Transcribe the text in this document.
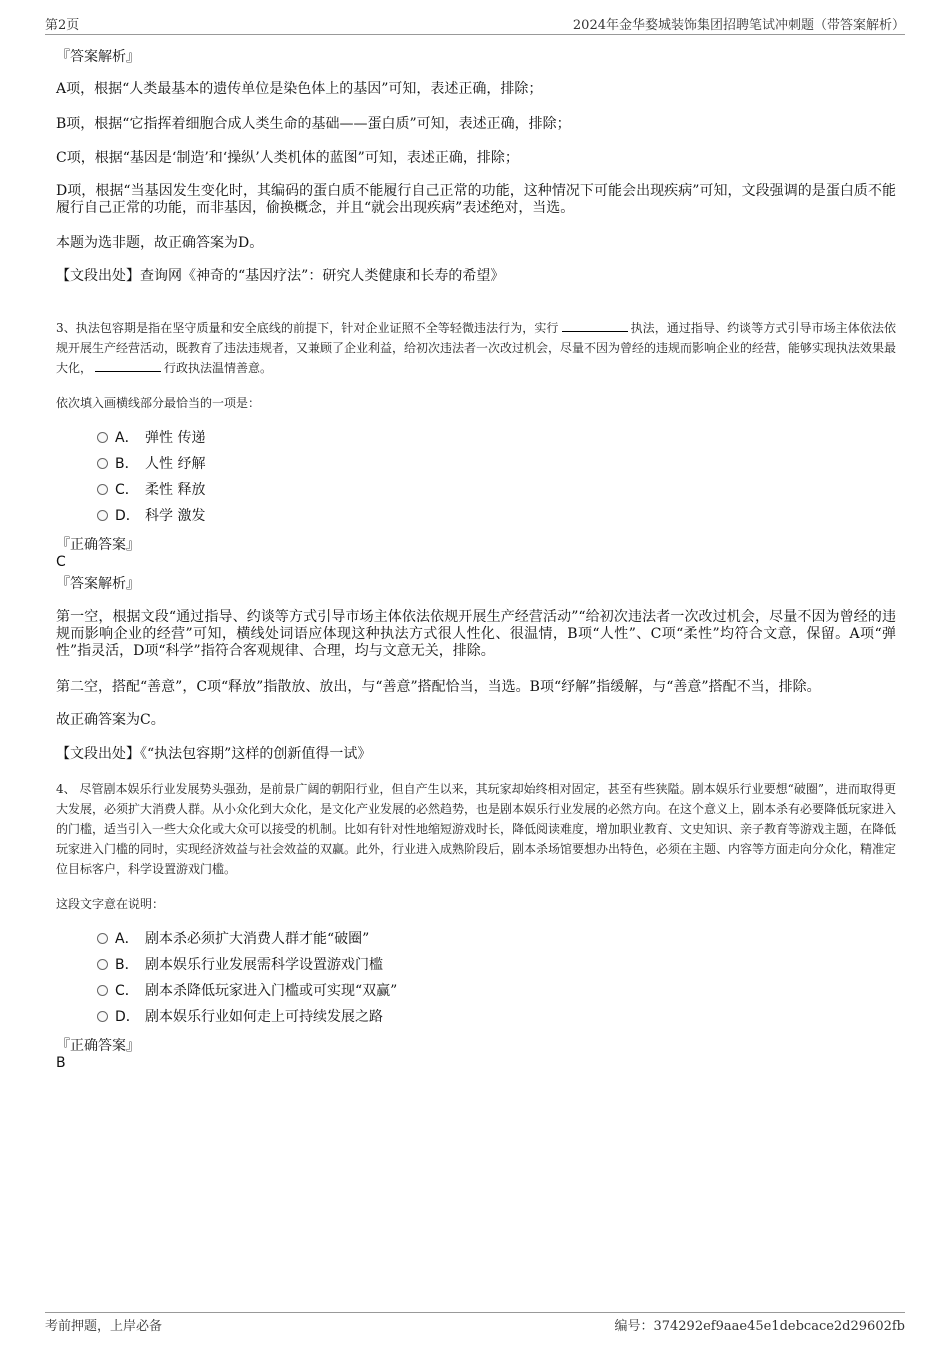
第2页	2024年金华婺城装饰集团招聘笔试冲刺题（带答案解析）
『答案解析』
A项，根据“人类最基本的遗传单位是染色体上的基因”可知，表述正确，排除；
B项，根据“它指挥着细胞合成人类生命的基础——蛋白质”可知，表述正确，排除；
C项，根据“基因是‘制造’和‘操纵’人类机体的蓝图”可知，表述正确，排除；
D项，根据“当基因发生变化时，其编码的蛋白质不能履行自己正常的功能，这种情况下可能会出现疾病”可知，文段强调的是蛋白质不能履行自己正常的功能，而非基因，偷换概念，并且“就会出现疾病”表述绝对，当选。
本题为选非题，故正确答案为D。
【文段出处】查询网《神奇的“基因疗法”：研究人类健康和长寿的希望》
3、执法包容期是指在坚守质量和安全底线的前提下，针对企业证照不全等轻微违法行为，实行	执法，通过指导、约谈等方式引导市场主体依法依规开展生产经营活动，既教育了违法违规者，又兼顾了企业利益，给初次违法者一次改过机会，尽量不因为曾经的违规而影响企业的经营，能够实现执法效果最大化，	行政执法温情善意。
依次填入画横线部分最恰当的一项是：
A． 弹性 传递
B． 人性 纾解
C． 柔性 释放
D． 科学 激发
『正确答案』
C
『答案解析』
第一空，根据文段“通过指导、约谈等方式引导市场主体依法依规开展生产经营活动”“给初次违法者一次改过机会，尽量不因为曾经的违规而影响企业的经营”可知，横线处词语应体现这种执法方式很人性化、很温情，B项“人性”、C项“柔性”均符合文意，保留。A项“弹性”指灵活，D项“科学”指符合客观规律、合理，均与文意无关，排除。
第二空，搭配“善意”，C项“释放”指散放、放出，与“善意”搭配恰当，当选。B项“纾解”指缓解，与“善意”搭配不当，排除。
故正确答案为C。
【文段出处】《“执法包容期”这样的创新值得一试》
4、 尽管剧本娱乐行业发展势头强劲，是前景广阔的朝阳行业，但自产生以来，其玩家却始终相对固定，甚至有些狭隘。剧本娱乐行业要想“破圈”，进而取得更大发展，必须扩大消费人群。从小众化到大众化，是文化产业发展的必然趋势，也是剧本娱乐行业发展的必然方向。在这个意义上，剧本杀有必要降低玩家进入的门槛，适当引入一些大众化或大众可以接受的机制。比如有针对性地缩短游戏时长，降低阅读难度，增加职业教育、文史知识、亲子教育等游戏主题，在降低玩家进入门槛的同时，实现经济效益与社会效益的双赢。此外，行业进入成熟阶段后，剧本杀场馆要想办出特色，必须在主题、内容等方面走向分众化，精准定位目标客户，科学设置游戏门槛。
这段文字意在说明：
A． 剧本杀必须扩大消费人群才能“破圈”
B． 剧本娱乐行业发展需科学设置游戏门槛
C． 剧本杀降低玩家进入门槛或可实现“双赢”
D． 剧本娱乐行业如何走上可持续发展之路
『正确答案』
B
考前押题，上岸必备	编号：374292ef9aae45e1debcace2d29602fb
